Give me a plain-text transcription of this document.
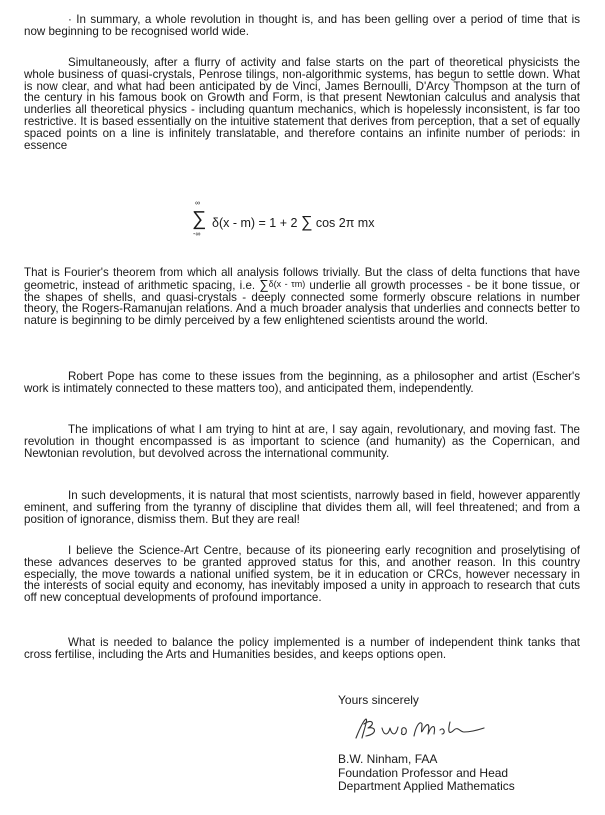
· In summary, a whole revolution in thought is, and has been gelling over a period of time that is now beginning to be recognised world wide.

Simultaneously, after a flurry of activity and false starts on the part of theoretical physicists the whole business of quasi-crystals, Penrose tilings, non-algorithmic systems, has begun to settle down. What is now clear, and what had been anticipated by de Vinci, James Bernoulli, D'Arcy Thompson at the turn of the century in his famous book on Growth and Form, is that present Newtonian calculus and analysis that underlies all theoretical physics - including quantum mechanics, which is hopelessly inconsistent, is far too restrictive. It is based essentially on the intuitive statement that derives from perception, that a set of equally spaced points on a line is infinitely translatable, and therefore contains an infinite number of periods: in essence

∞
∑
-∞
δ(x - m) = 1 + 2 ∑ cos 2π mx

That is Fourier's theorem from which all analysis follows trivially. But the class of delta functions that have geometric, instead of arithmetic spacing, i.e. ∑δ(x - τm) underlie all growth processes - be it bone tissue, or the shapes of shells, and quasi-crystals - deeply connected some formerly obscure relations in number theory, the Rogers-Ramanujan relations. And a much broader analysis that underlies and connects better to nature is beginning to be dimly perceived by a few enlightened scientists around the world.

Robert Pope has come to these issues from the beginning, as a philosopher and artist (Escher's work is intimately connected to these matters too), and anticipated them, independently.

The implications of what I am trying to hint at are, I say again, revolutionary, and moving fast. The revolution in thought encompassed is as important to science (and humanity) as the Copernican, and Newtonian revolution, but devolved across the international community.

In such developments, it is natural that most scientists, narrowly based in field, however apparently eminent, and suffering from the tyranny of discipline that divides them all, will feel threatened; and from a position of ignorance, dismiss them. But they are real!

I believe the Science-Art Centre, because of its pioneering early recognition and proselytising of these advances deserves to be granted approved status for this, and another reason. In this country especially, the move towards a national unified system, be it in education or CRCs, however necessary in the interests of social equity and economy, has inevitably imposed a unity in approach to research that cuts off new conceptual developments of profound importance.

What is needed to balance the policy implemented is a number of independent think tanks that cross fertilise, including the Arts and Humanities besides, and keeps options open.

Yours sincerely
B.W. Ninham, FAA
Foundation Professor and Head
Department Applied Mathematics
